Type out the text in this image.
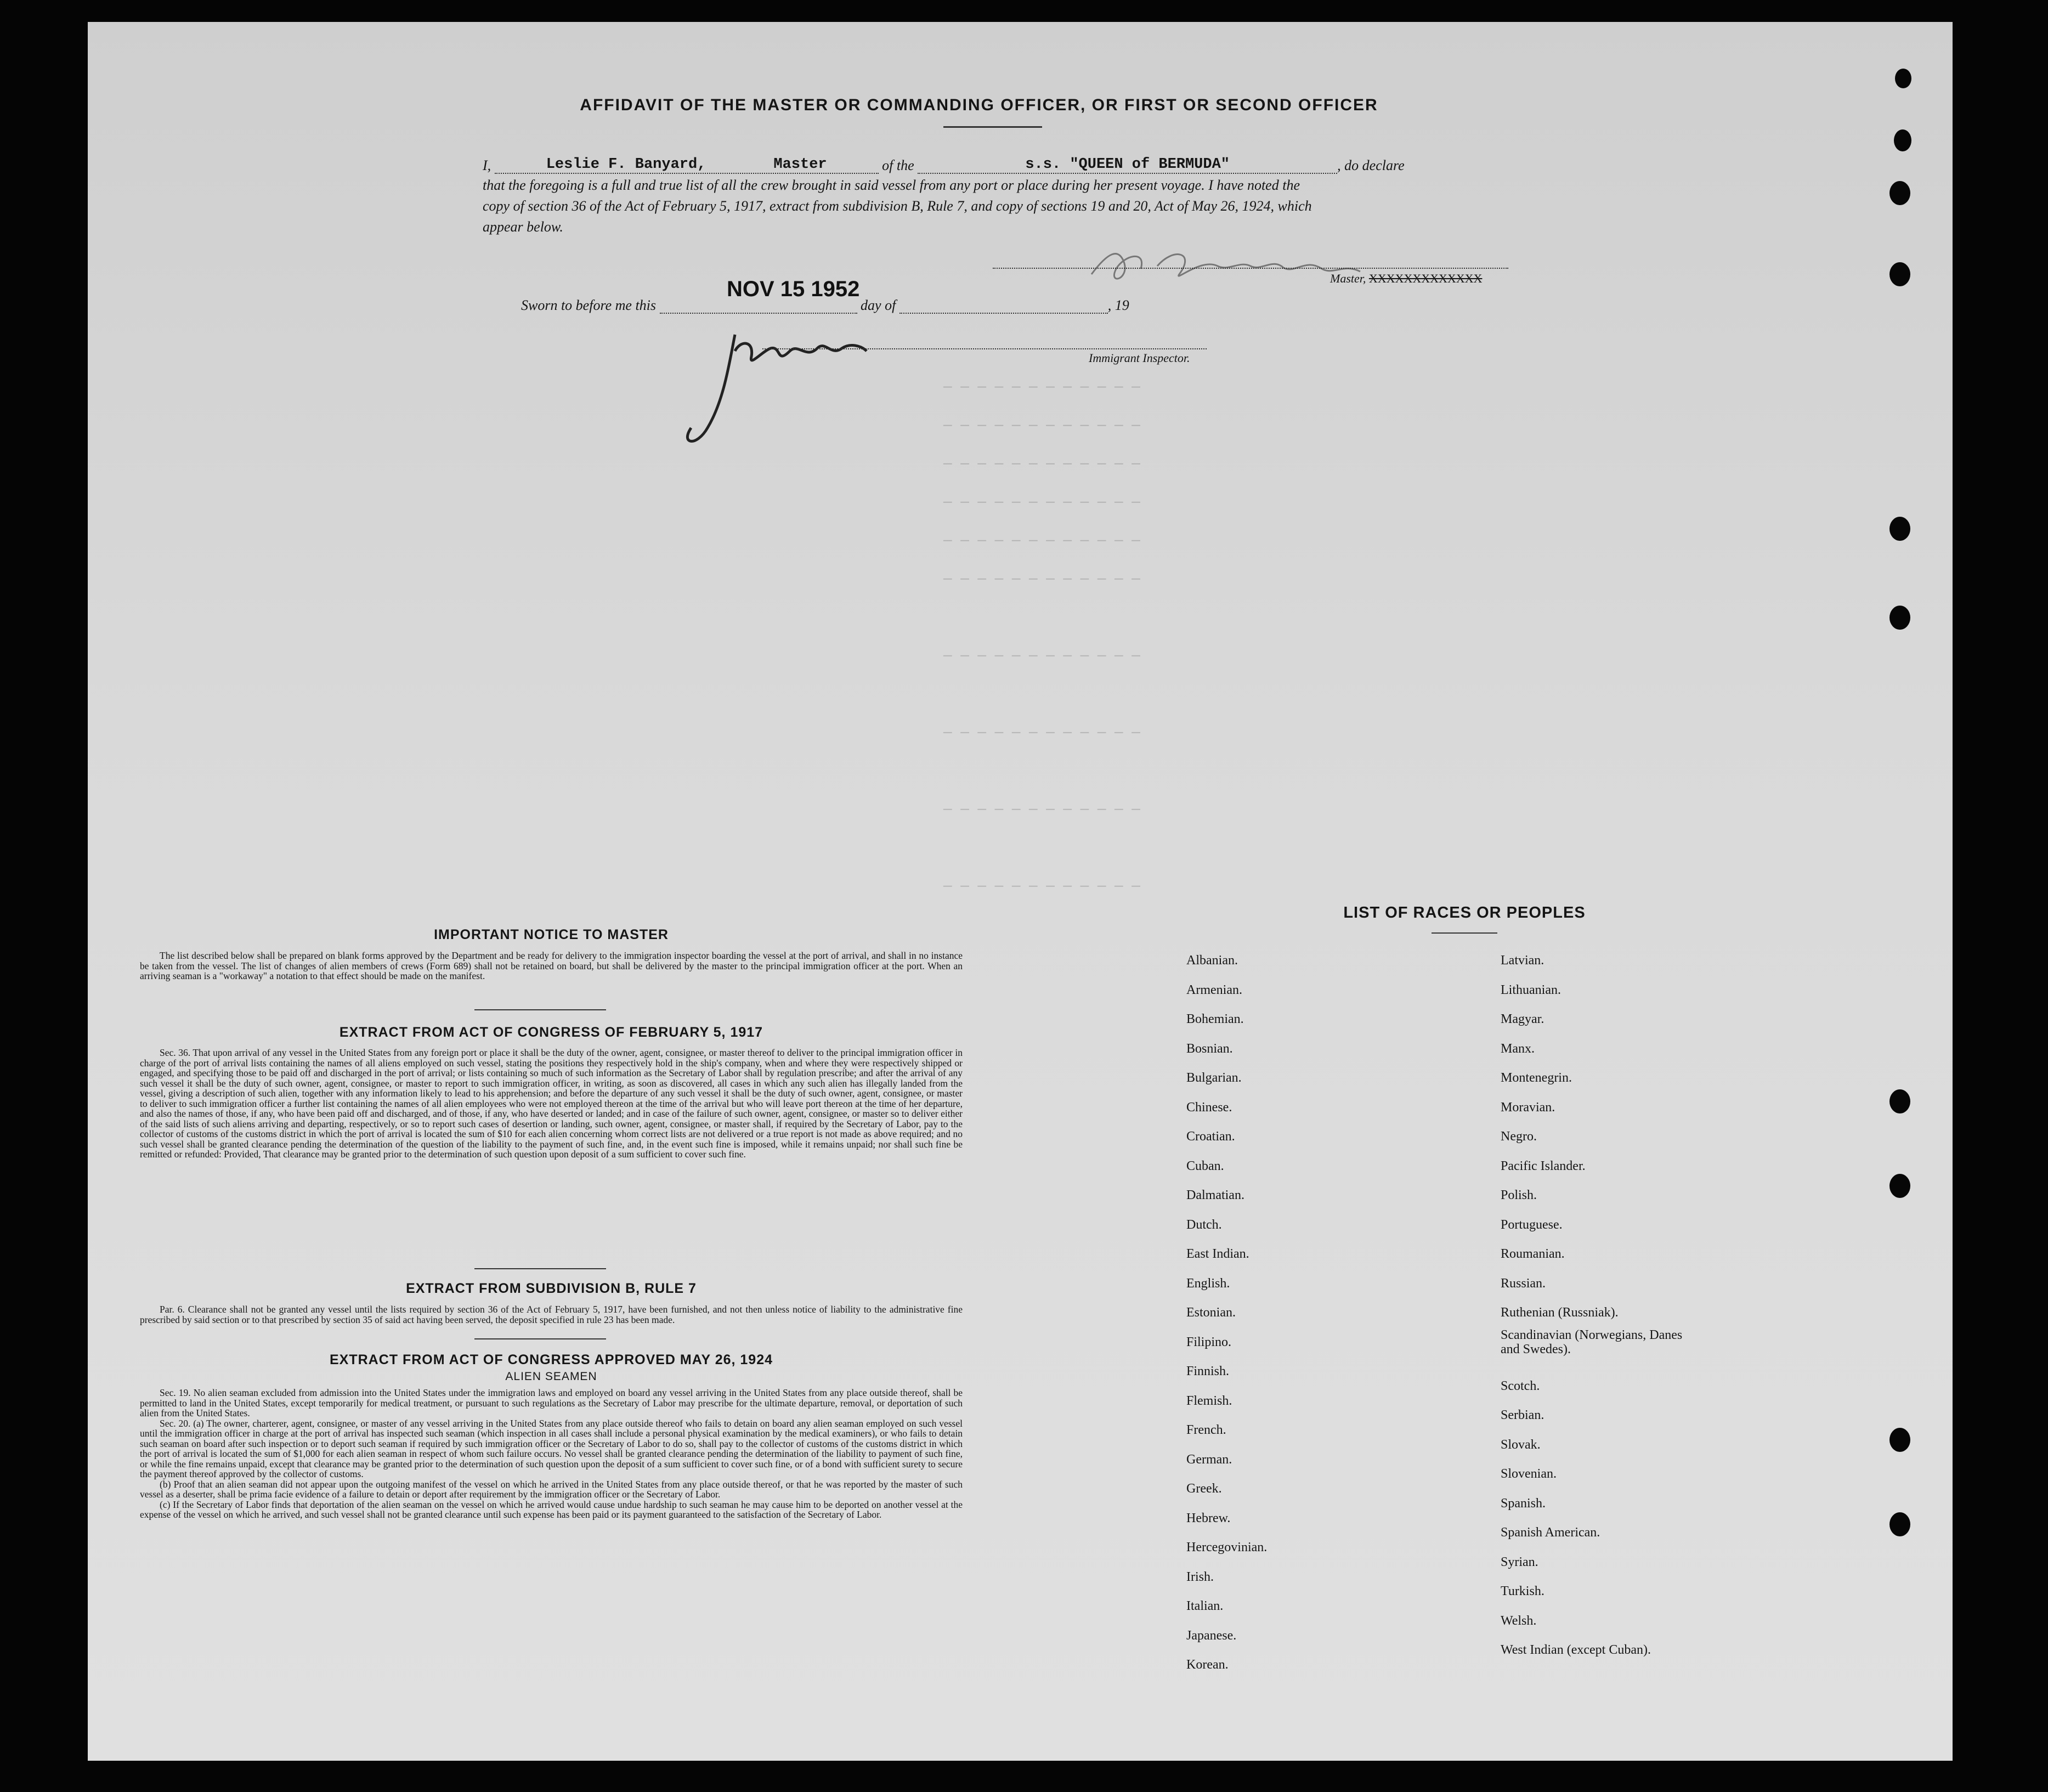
— — — — — — — — — — — —
— — — — — — — — — — — —
— — — — — — — — — — — —
— — — — — — — — — — — —
— — — — — — — — — — — —
— — — — — — — — — — — —
— — — — — — — — — — — —
— — — — — — — — — — — —
— — — — — — — — — — — —
— — — — — — — — — — — —
AFFIDAVIT OF THE MASTER OR COMMANDING OFFICER, OR FIRST OR SECOND OFFICER
I,	Leslie F. Banyard,	Master	of the	s.s. "QUEEN of BERMUDA"	, do declare
that the foregoing is a full and true list of all the crew brought in said vessel from any port or place during her present voyage. I have noted the
copy of section 36 of the Act of February 5, 1917, extract from subdivision B, Rule 7, and copy of sections 19 and 20, Act of May 26, 1924, which
appear below.
Master, XXXXXXXXXXXXX
Sworn to before me this	day of	, 19
NOV 15 1952
Immigrant Inspector.
IMPORTANT NOTICE TO MASTER
The list described below shall be prepared on blank forms approved by the Department and be ready for delivery to the immigration inspector boarding the vessel at the port of arrival, and shall in no instance be taken from the vessel. The list of changes of alien members of crews (Form 689) shall not be retained on board, but shall be delivered by the master to the principal immigration officer at the port. When an arriving seaman is a "workaway" a notation to that effect should be made on the manifest.
EXTRACT FROM ACT OF CONGRESS OF FEBRUARY 5, 1917
Sec. 36. That upon arrival of any vessel in the United States from any foreign port or place it shall be the duty of the owner, agent, consignee, or master thereof to deliver to the principal immigration officer in charge of the port of arrival lists containing the names of all aliens employed on such vessel, stating the positions they respectively hold in the ship's company, when and where they were respectively shipped or engaged, and specifying those to be paid off and discharged in the port of arrival; or lists containing so much of such information as the Secretary of Labor shall by regulation prescribe; and after the arrival of any such vessel it shall be the duty of such owner, agent, consignee, or master to report to such immigration officer, in writing, as soon as discovered, all cases in which any such alien has illegally landed from the vessel, giving a description of such alien, together with any information likely to lead to his apprehension; and before the departure of any such vessel it shall be the duty of such owner, agent, consignee, or master to deliver to such immigration officer a further list containing the names of all alien employees who were not employed thereon at the time of the arrival but who will leave port thereon at the time of her departure, and also the names of those, if any, who have been paid off and discharged, and of those, if any, who have deserted or landed; and in case of the failure of such owner, agent, consignee, or master so to deliver either of the said lists of such aliens arriving and departing, respectively, or so to report such cases of desertion or landing, such owner, agent, consignee, or master shall, if required by the Secretary of Labor, pay to the collector of customs of the customs district in which the port of arrival is located the sum of $10 for each alien concerning whom correct lists are not delivered or a true report is not made as above required; and no such vessel shall be granted clearance pending the determination of the question of the liability to the payment of such fine, and, in the event such fine is imposed, while it remains unpaid; nor shall such fine be remitted or refunded: Provided, That clearance may be granted prior to the determination of such question upon deposit of a sum sufficient to cover such fine.
EXTRACT FROM SUBDIVISION B, RULE 7
Par. 6. Clearance shall not be granted any vessel until the lists required by section 36 of the Act of February 5, 1917, have been furnished, and not then unless notice of liability to the administrative fine prescribed by said section or to that prescribed by section 35 of said act having been served, the deposit specified in rule 23 has been made.
EXTRACT FROM ACT OF CONGRESS APPROVED MAY 26, 1924
ALIEN SEAMEN
Sec. 19. No alien seaman excluded from admission into the United States under the immigration laws and employed on board any vessel arriving in the United States from any place outside thereof, shall be permitted to land in the United States, except temporarily for medical treatment, or pursuant to such regulations as the Secretary of Labor may prescribe for the ultimate departure, removal, or deportation of such alien from the United States.
Sec. 20. (a) The owner, charterer, agent, consignee, or master of any vessel arriving in the United States from any place outside thereof who fails to detain on board any alien seaman employed on such vessel until the immigration officer in charge at the port of arrival has inspected such seaman (which inspection in all cases shall include a personal physical examination by the medical examiners), or who fails to detain such seaman on board after such inspection or to deport such seaman if required by such immigration officer or the Secretary of Labor to do so, shall pay to the collector of customs of the customs district in which the port of arrival is located the sum of $1,000 for each alien seaman in respect of whom such failure occurs. No vessel shall be granted clearance pending the determination of the liability to payment of such fine, or while the fine remains unpaid, except that clearance may be granted prior to the determination of such question upon the deposit of a sum sufficient to cover such fine, or of a bond with sufficient surety to secure the payment thereof approved by the collector of customs.
(b) Proof that an alien seaman did not appear upon the outgoing manifest of the vessel on which he arrived in the United States from any place outside thereof, or that he was reported by the master of such vessel as a deserter, shall be prima facie evidence of a failure to detain or deport after requirement by the immigration officer or the Secretary of Labor.
(c) If the Secretary of Labor finds that deportation of the alien seaman on the vessel on which he arrived would cause undue hardship to such seaman he may cause him to be deported on another vessel at the expense of the vessel on which he arrived, and such vessel shall not be granted clearance until such expense has been paid or its payment guaranteed to the satisfaction of the Secretary of Labor.
LIST OF RACES OR PEOPLES
Albanian.
Armenian.
Bohemian.
Bosnian.
Bulgarian.
Chinese.
Croatian.
Cuban.
Dalmatian.
Dutch.
East Indian.
English.
Estonian.
Filipino.
Finnish.
Flemish.
French.
German.
Greek.
Hebrew.
Hercegovinian.
Irish.
Italian.
Japanese.
Korean.
Latvian.
Lithuanian.
Magyar.
Manx.
Montenegrin.
Moravian.
Negro.
Pacific Islander.
Polish.
Portuguese.
Roumanian.
Russian.
Ruthenian (Russniak).
Scandinavian (Norwegians, Danes and Swedes).
Scotch.
Serbian.
Slovak.
Slovenian.
Spanish.
Spanish American.
Syrian.
Turkish.
Welsh.
West Indian (except Cuban).
